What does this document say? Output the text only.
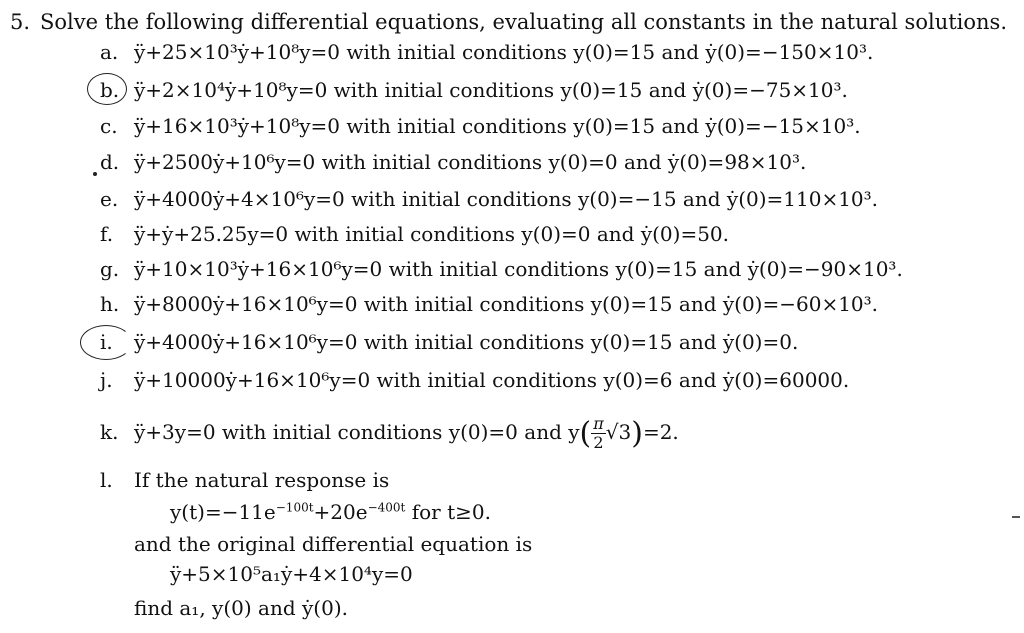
5. Solve the following differential equations, evaluating all constants in the natural solutions.
a. ÿ+25×10³ẏ+10⁸y=0 with initial conditions y(0)=15 and ẏ(0)=−150×10³.
b. ÿ+2×10⁴ẏ+10⁸y=0 with initial conditions y(0)=15 and ẏ(0)=−75×10³.
c. ÿ+16×10³ẏ+10⁸y=0 with initial conditions y(0)=15 and ẏ(0)=−15×10³.
d. ÿ+2500ẏ+10⁶y=0 with initial conditions y(0)=0 and ẏ(0)=98×10³.
e. ÿ+4000ẏ+4×10⁶y=0 with initial conditions y(0)=−15 and ẏ(0)=110×10³.
f. ÿ+ẏ+25.25y=0 with initial conditions y(0)=0 and ẏ(0)=50.
g. ÿ+10×10³ẏ+16×10⁶y=0 with initial conditions y(0)=15 and ẏ(0)=−90×10³.
h. ÿ+8000ẏ+16×10⁶y=0 with initial conditions y(0)=15 and ẏ(0)=−60×10³.
i. ÿ+4000ẏ+16×10⁶y=0 with initial conditions y(0)=15 and ẏ(0)=0.
j. ÿ+10000ẏ+16×10⁶y=0 with initial conditions y(0)=6 and ẏ(0)=60000.
k. ÿ+3y=0 with initial conditions y(0)=0 and $y( \frac{\pi}{2} √3)=2$.
l. If the natural response is
$y(t)=-11e^{-100t}+20e^{-400t}$ for t≥0.
and the original differential equation is
ÿ+5×10⁵a₁ẏ+4×10⁴y=0
find a₁, y(0) and ẏ(0).
